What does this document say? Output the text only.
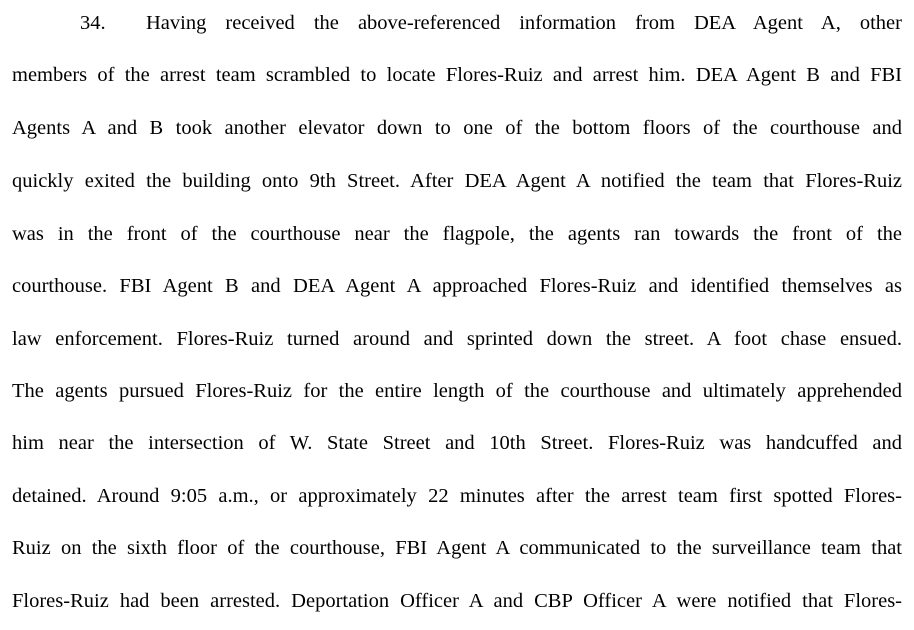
34. Having received the above-referenced information from DEA Agent A, other
members of the arrest team scrambled to locate Flores-Ruiz and arrest him. DEA Agent B and FBI
Agents A and B took another elevator down to one of the bottom floors of the courthouse and
quickly exited the building onto 9th Street. After DEA Agent A notified the team that Flores-Ruiz
was in the front of the courthouse near the flagpole, the agents ran towards the front of the
courthouse. FBI Agent B and DEA Agent A approached Flores-Ruiz and identified themselves as
law enforcement. Flores-Ruiz turned around and sprinted down the street. A foot chase ensued.
The agents pursued Flores-Ruiz for the entire length of the courthouse and ultimately apprehended
him near the intersection of W. State Street and 10th Street. Flores-Ruiz was handcuffed and
detained. Around 9:05 a.m., or approximately 22 minutes after the arrest team first spotted Flores-
Ruiz on the sixth floor of the courthouse, FBI Agent A communicated to the surveillance team that
Flores-Ruiz had been arrested. Deportation Officer A and CBP Officer A were notified that Flores-
